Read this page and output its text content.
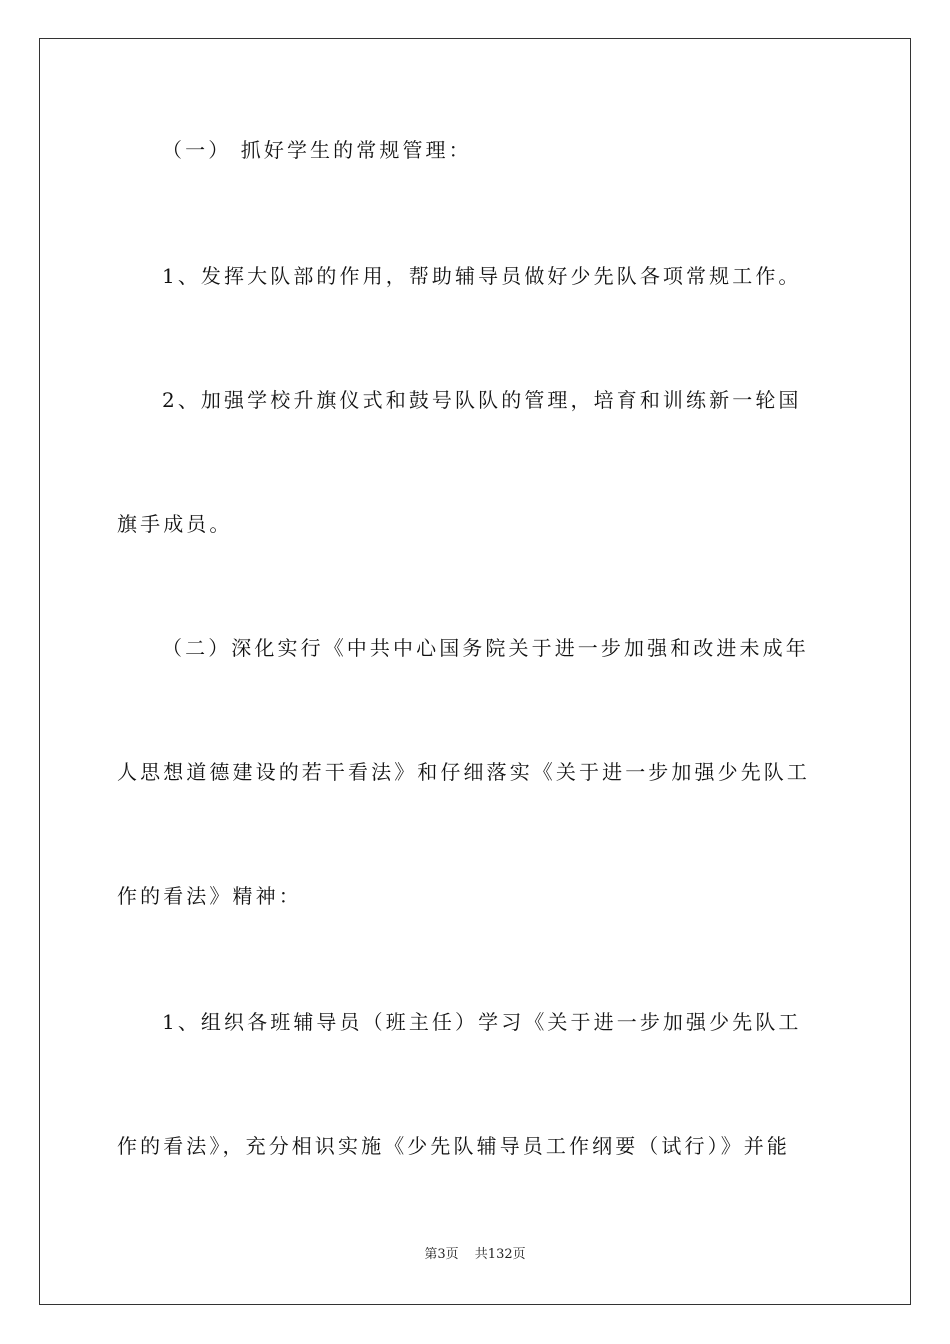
（一） 抓好学生的常规管理：
1、发挥大队部的作用，帮助辅导员做好少先队各项常规工作。
2、加强学校升旗仪式和鼓号队队的管理，培育和训练新一轮国
旗手成员。
（二）深化实行《中共中心国务院关于进一步加强和改进未成年
人思想道德建设的若干看法》和仔细落实《关于进一步加强少先队工
作的看法》精神：
1、组织各班辅导员（班主任）学习《关于进一步加强少先队工
作的看法》，充分相识实施《少先队辅导员工作纲要（试行）》并能
第3页 共132页
